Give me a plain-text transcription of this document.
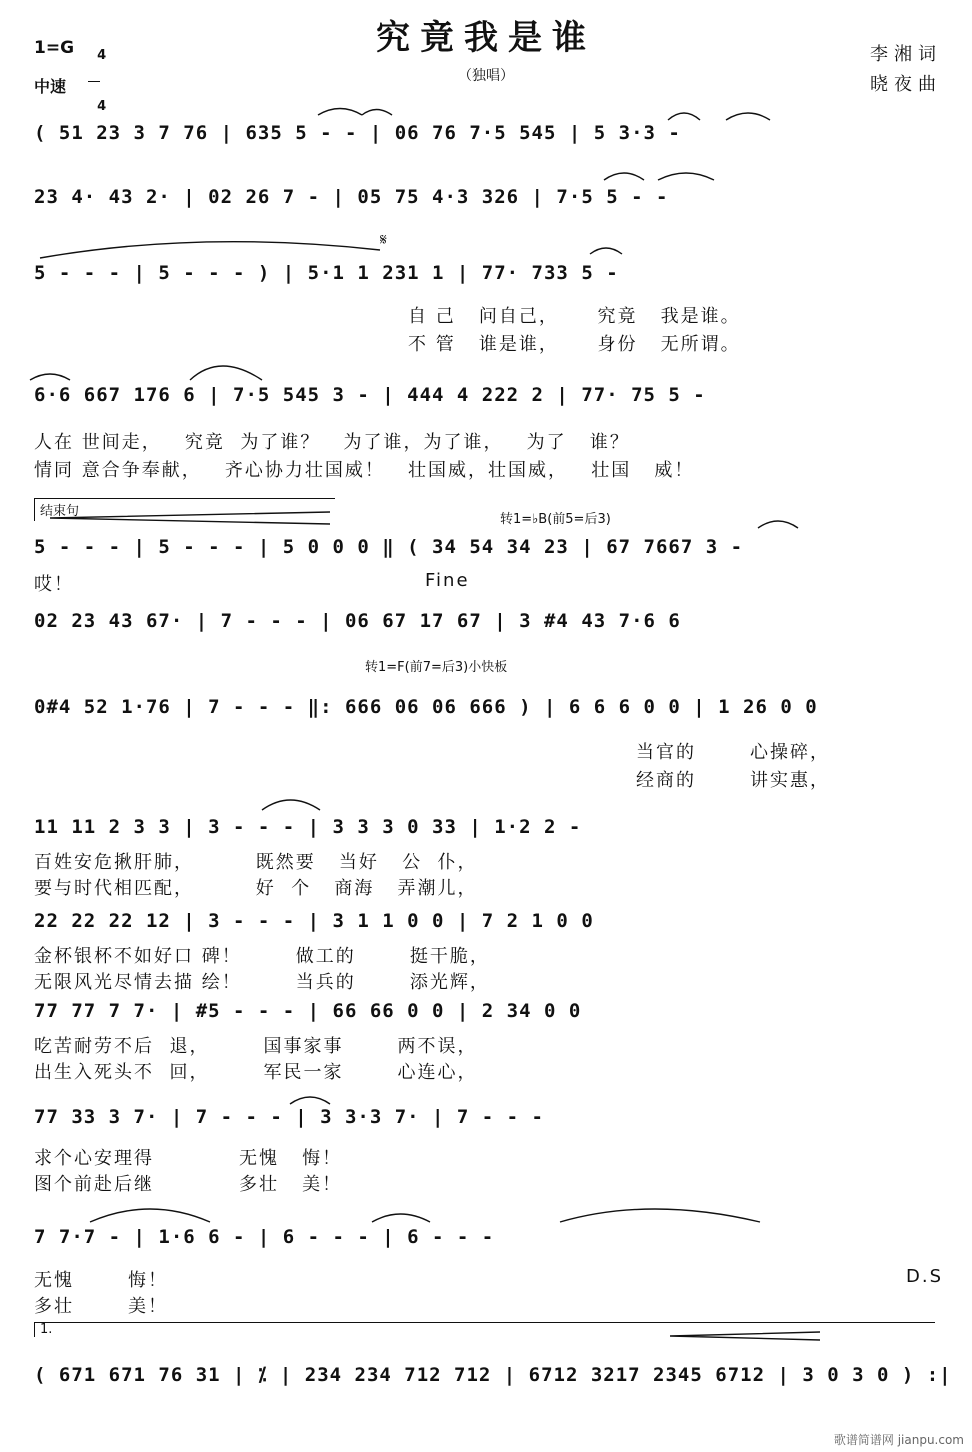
究竟我是谁
1=G	4

4

中速
（独唱）
李湘词
晓夜曲
( 51 23 3 7 76 | 635 5 - - | 06 76 7·5 545 | 5 3·3 -
23 4· 43 2· | 02 26 7 - | 05 75 4·3 326 | 7·5 5 - -
𝄋
5 - - - | 5 - - - ) | 5·1 1 231 1 | 77· 733 5 -
自 己   问自己，     究竟   我是谁。
不 管   谁是谁，     身份   无所谓。
6·6 667 176 6 | 7·5 545 3 - | 444 4 222 2 | 77· 75 5 -
人在 世间走，   究竟  为了谁？   为了谁，为了谁，   为了   谁？
情同 意合争奉献，   齐心协力壮国威！   壮国威，壮国威，   壮国   威！
结束句
转1=♭B(前5=后3)
5 - - - | 5 - - - | 5 0 0 0 ‖ ( 34 54 34 23 | 67 7667 3 -
哎！	Fine
02 23 43 67· | 7 - - - | 06 67 17 67 | 3 #4 43 7·6 6
转1=F(前7=后3)小快板
0#4 52 1·76 | 7 - - - ‖: 666 06 06 666 ) | 6 6 6 0 0 | 1 26 0 0
当官的       心操碎，
经商的       讲实惠，
11 11 2 3 3 | 3 - - - | 3 3 3 0 33 | 1·2 2 -
百姓安危揪肝肺，        既然要   当好   公  仆，
要与时代相匹配，        好  个   商海   弄潮儿，
22 22 22 12 | 3 - - - | 3 1 1 0 0 | 7 2 1 0 0
金杯银杯不如好口 碑！       做工的       挺干脆，
无限风光尽情去描 绘！       当兵的       添光辉，
77 77 7 7· | #5 - - - | 66 66 0 0 | 2 34 0 0
吃苦耐劳不后  退，       国事家事       两不误，
出生入死头不  回，       军民一家       心连心，
77 33 3 7· | 7 - - - | 3 3·3 7· | 7 - - -
求个心安理得           无愧   悔！
图个前赴后继           多壮   美！
7 7·7 - | 1·6 6 - | 6 - - - | 6 - - -
无愧       悔！
多壮       美！
D.S
1.
( 671 671 76 31 | ⁒ | 234 234 712 712 | 6712 3217 2345 6712 | 3 0 3 0 ) :|
歌谱简谱网 jianpu.com
